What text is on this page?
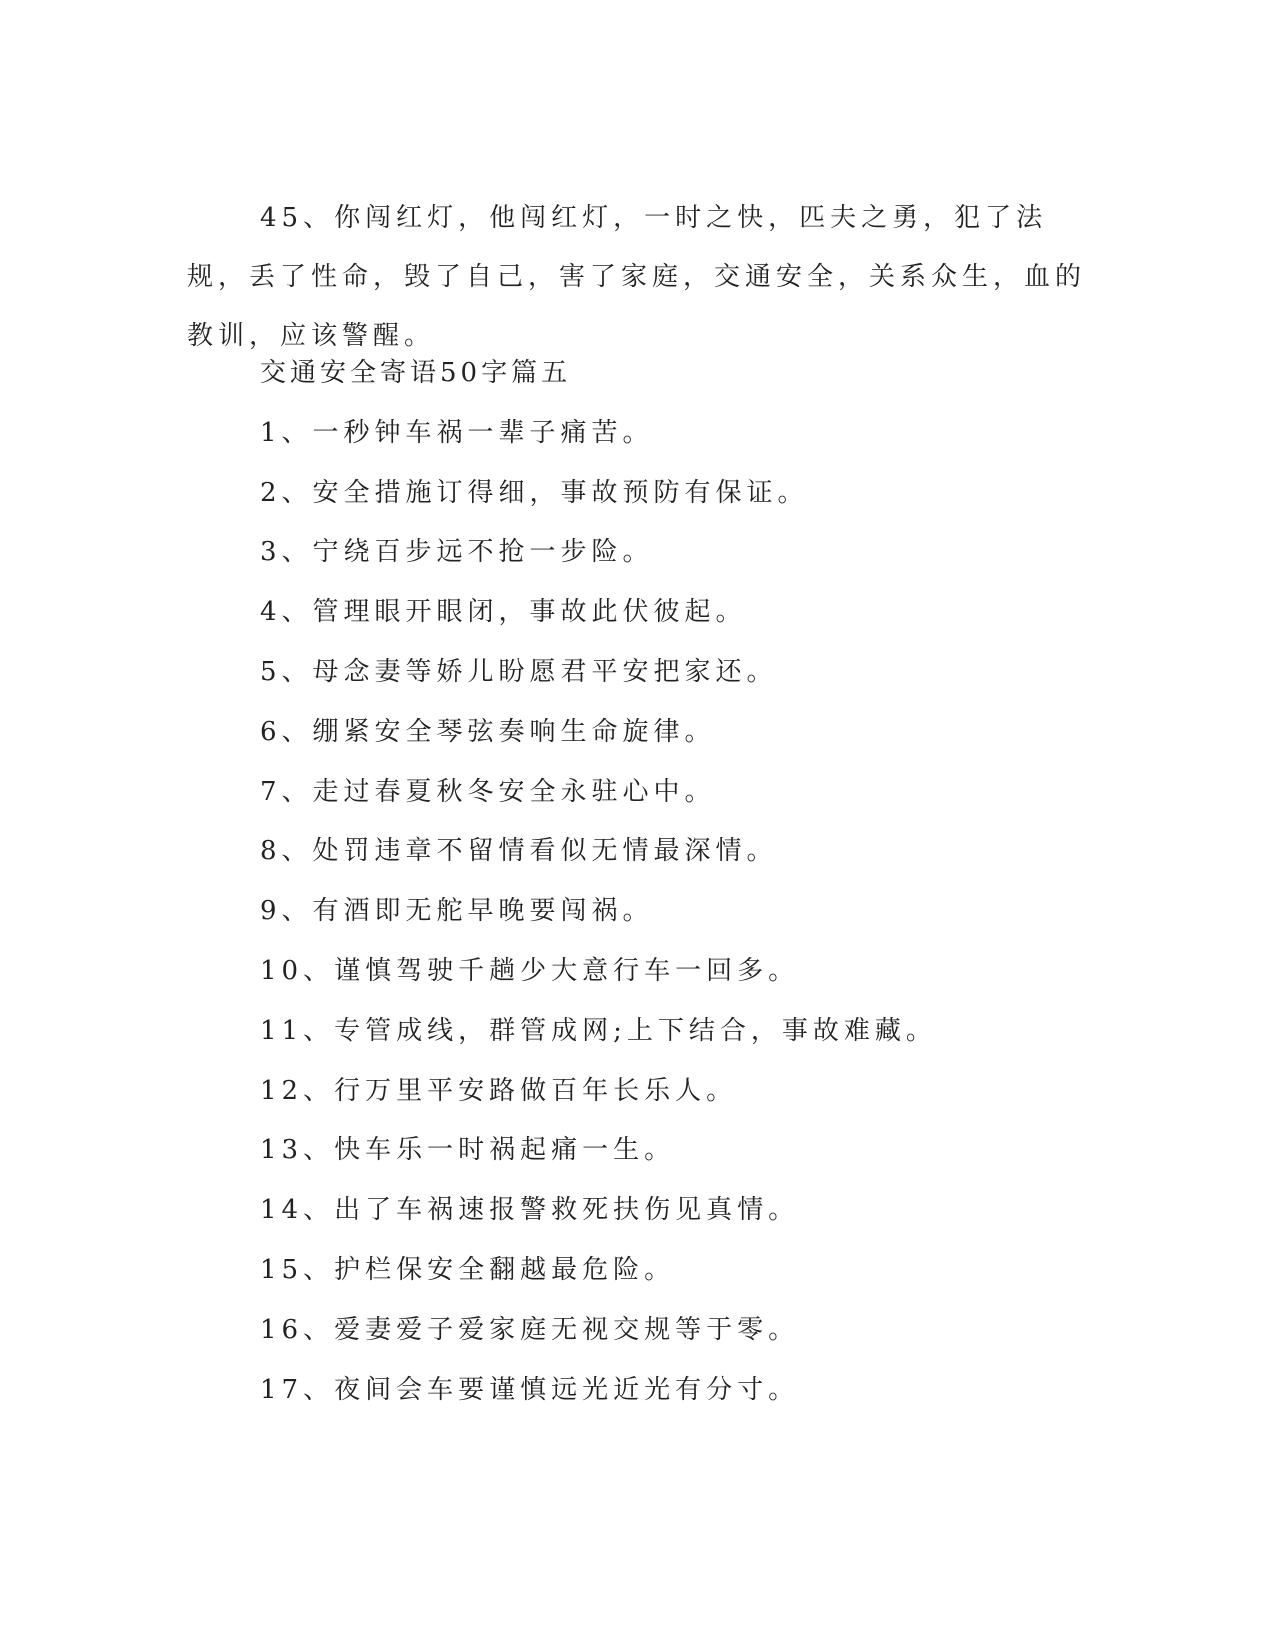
45、你闯红灯，他闯红灯，一时之快，匹夫之勇，犯了法规，丢了性命，毁了自己，害了家庭，交通安全，关系众生，血的教训，应该警醒。

交通安全寄语50字篇五
1、一秒钟车祸一辈子痛苦。
2、安全措施订得细，事故预防有保证。
3、宁绕百步远不抢一步险。
4、管理眼开眼闭，事故此伏彼起。
5、母念妻等娇儿盼愿君平安把家还。
6、绷紧安全琴弦奏响生命旋律。
7、走过春夏秋冬安全永驻心中。
8、处罚违章不留情看似无情最深情。
9、有酒即无舵早晚要闯祸。
10、谨慎驾驶千趟少大意行车一回多。
11、专管成线，群管成网;上下结合，事故难藏。
12、行万里平安路做百年长乐人。
13、快车乐一时祸起痛一生。
14、出了车祸速报警救死扶伤见真情。
15、护栏保安全翻越最危险。
16、爱妻爱子爱家庭无视交规等于零。
17、夜间会车要谨慎远光近光有分寸。
